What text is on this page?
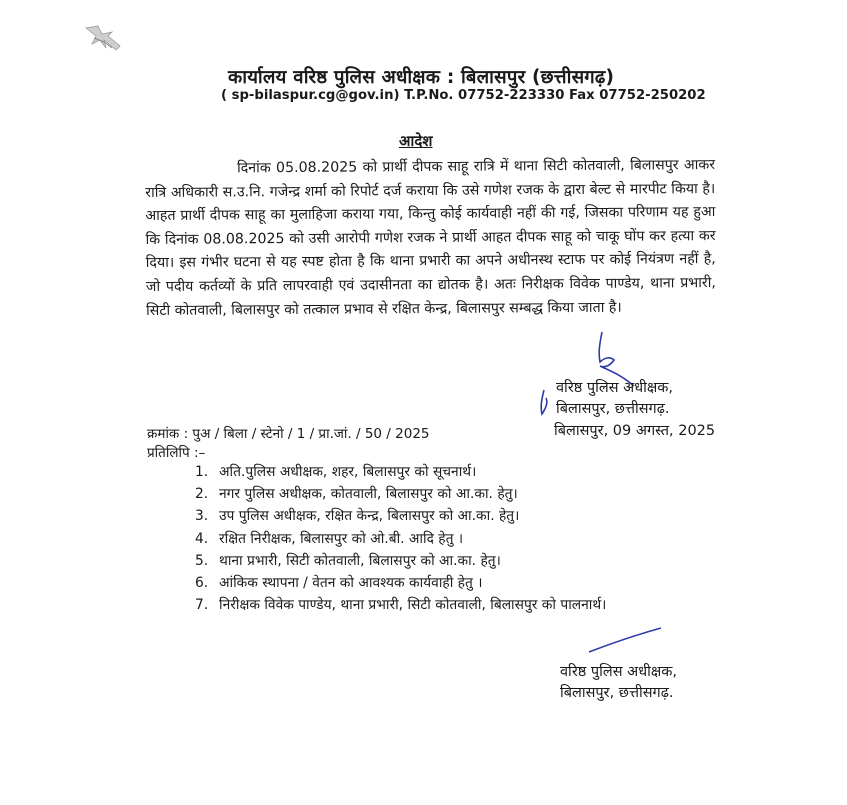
कार्यालय वरिष्ठ पुलिस अधीक्षक : बिलासपुर (छत्तीसगढ़)
( sp-bilaspur.cg@gov.in) T.P.No. 07752-223330 Fax 07752-250202
आदेश
दिनांक 05.08.2025 को प्रार्थी दीपक साहू रात्रि में थाना सिटी कोतवाली, बिलासपुर आकर रात्रि अधिकारी स.उ.नि. गजेन्द्र शर्मा को रिपोर्ट दर्ज कराया कि उसे गणेश रजक के द्वारा बेल्ट से मारपीट किया है। आहत प्रार्थी दीपक साहू का मुलाहिजा कराया गया, किन्तु कोई कार्यवाही नहीं की गई, जिसका परिणाम यह हुआ कि दिनांक 08.08.2025 को उसी आरोपी गणेश रजक ने प्रार्थी आहत दीपक साहू को चाकू घोंप कर हत्या कर दिया। इस गंभीर घटना से यह स्पष्ट होता है कि थाना प्रभारी का अपने अधीनस्थ स्टाफ पर कोई नियंत्रण नहीं है, जो पदीय कर्तव्यों के प्रति लापरवाही एवं उदासीनता का द्योतक है। अतः निरीक्षक विवेक पाण्डेय, थाना प्रभारी, सिटी कोतवाली, बिलासपुर को तत्काल प्रभाव से रक्षित केन्द्र, बिलासपुर सम्बद्ध किया जाता है।
वरिष्ठ पुलिस अधीक्षक,
बिलासपुर, छत्तीसगढ़.
बिलासपुर, 09 अगस्त, 2025
क्रमांक : पुअ / बिला / स्टेनो / 1 / प्रा.जां. / 50 / 2025
प्रतिलिपि :–
1. अति.पुलिस अधीक्षक, शहर, बिलासपुर को सूचनार्थ।
2. नगर पुलिस अधीक्षक, कोतवाली, बिलासपुर को आ.का. हेतु।
3. उप पुलिस अधीक्षक, रक्षित केन्द्र, बिलासपुर को आ.का. हेतु।
4. रक्षित निरीक्षक, बिलासपुर को ओ.बी. आदि हेतु ।
5. थाना प्रभारी, सिटी कोतवाली, बिलासपुर को आ.का. हेतु।
6. आंकिक स्थापना / वेतन को आवश्यक कार्यवाही हेतु ।
7. निरीक्षक विवेक पाण्डेय, थाना प्रभारी, सिटी कोतवाली, बिलासपुर को पालनार्थ।
वरिष्ठ पुलिस अधीक्षक,
बिलासपुर, छत्तीसगढ़.
